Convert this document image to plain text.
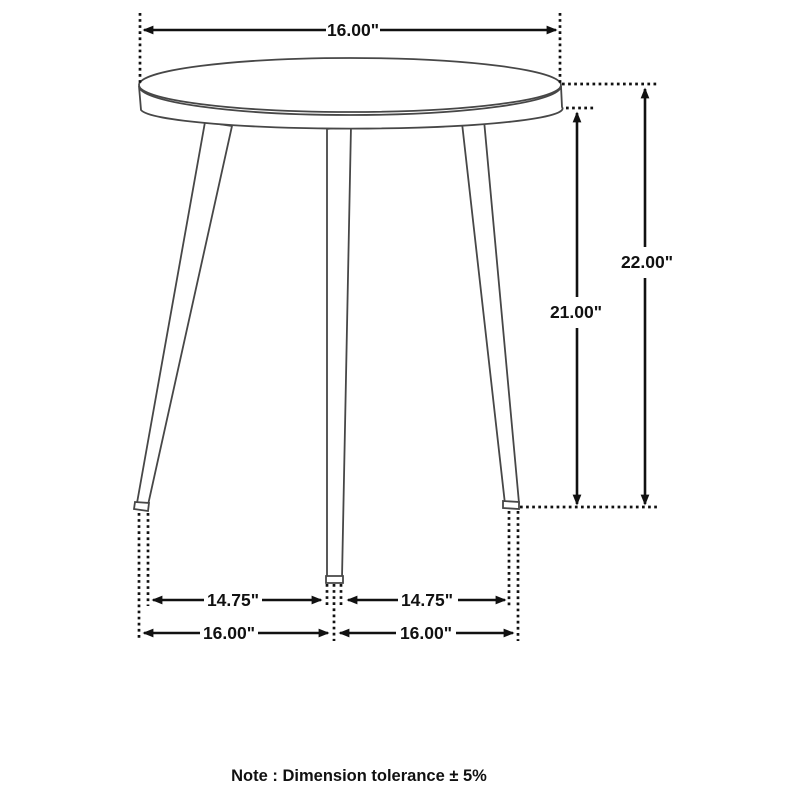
16.00"
22.00"
21.00"
14.75"	14.75"
16.00"	16.00"
Note : Dimension tolerance ± 5%
